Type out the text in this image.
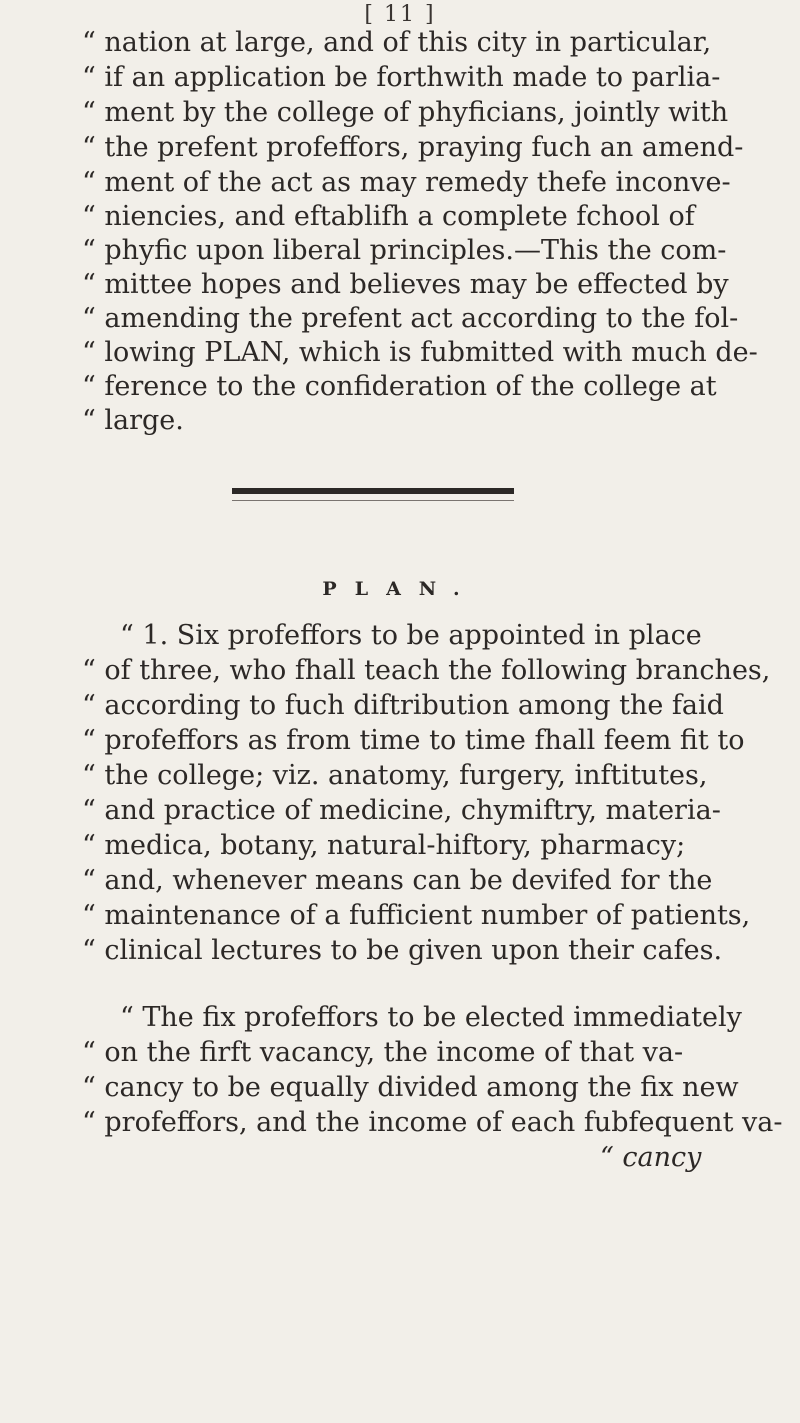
[ 11 ]
“ nation at large, and of this city in particular,
“ if an application be forthwith made to parlia-
“ ment by the college of phyficians, jointly with
“ the prefent profeffors, praying fuch an amend-
“ ment of the act as may remedy thefe inconve-
“ niencies, and eftablifh a complete fchool of
“ phyfic upon liberal principles.—This the com-
“ mittee hopes and believes may be effected by
“ amending the prefent act according to the fol-
“ lowing PLAN, which is fubmitted with much de-
“ ference to the confideration of the college at
“ large.
PLAN.
“ 1. Six profeffors to be appointed in place
“ of three, who fhall teach the following branches,
“ according to fuch diftribution among the faid
“ profeffors as from time to time fhall feem fit to
“ the college; viz. anatomy, furgery, inftitutes,
“ and practice of medicine, chymiftry, materia-
“ medica, botany, natural-hiftory, pharmacy;
“ and, whenever means can be devifed for the
“ maintenance of a fufficient number of patients,
“ clinical lectures to be given upon their cafes.
“ The fix profeffors to be elected immediately
“ on the firft vacancy, the income of that va-
“ cancy to be equally divided among the fix new
“ profeffors, and the income of each fubfequent va-
“ cancy
